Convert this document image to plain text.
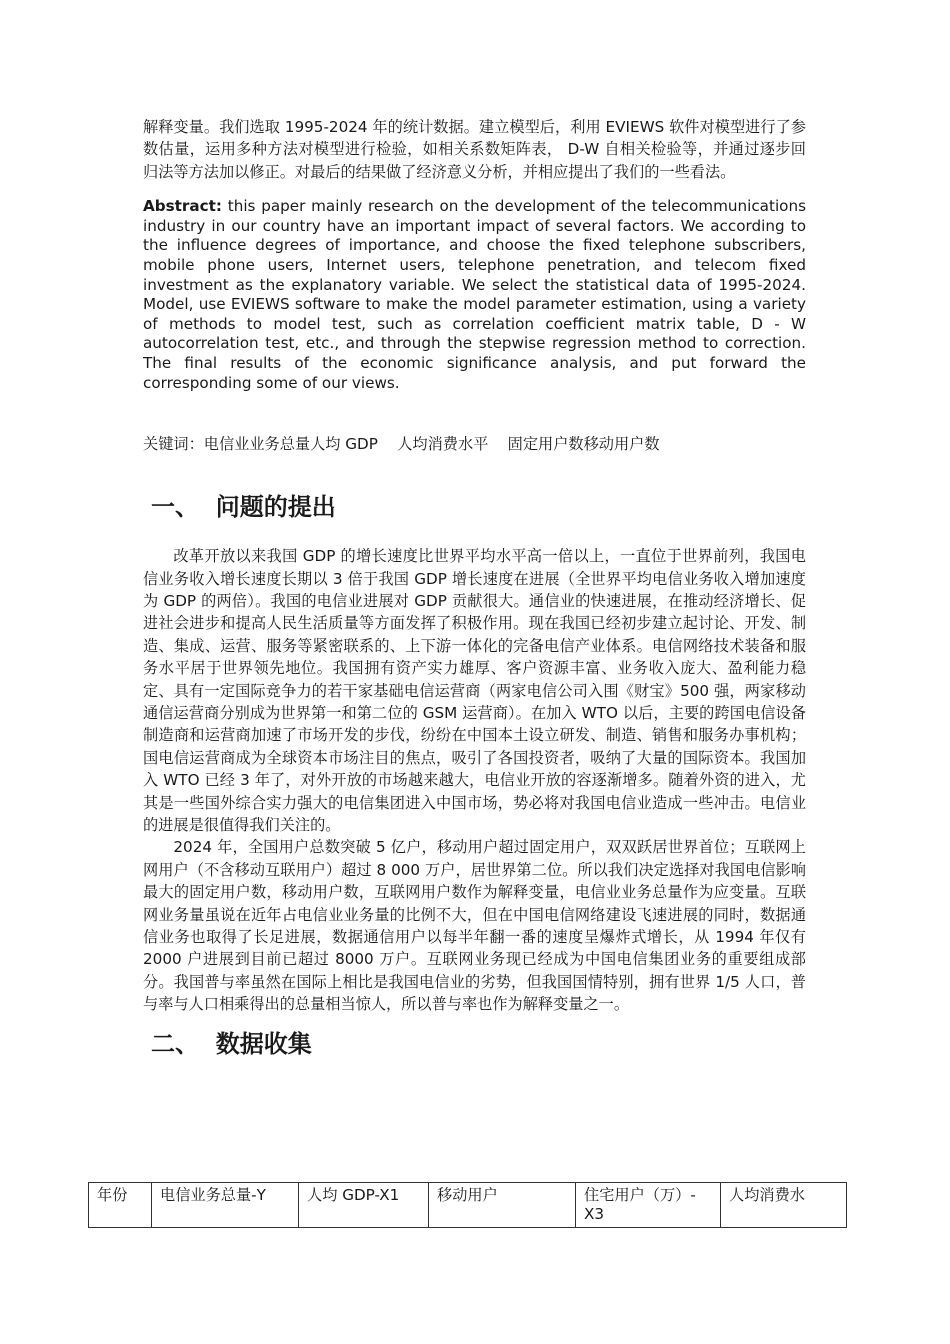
解释变量。我们选取 1995-2024 年的统计数据。建立模型后，利用 EVIEWS 软件对模型进行了参数估量，运用多种方法对模型进行检验，如相关系数矩阵表， D-W 自相关检验等，并通过逐步回归法等方法加以修正。对最后的结果做了经济意义分析，并相应提出了我们的一些看法。

Abstract: this paper mainly research on the development of the telecommunications industry in our country have an important impact of several factors. We according to the influence degrees of importance, and choose the fixed telephone subscribers, mobile phone users, Internet users, telephone penetration, and telecom fixed investment as the explanatory variable. We select the statistical data of 1995-2024. Model, use EVIEWS software to make the model parameter estimation, using a variety of methods to model test, such as correlation coefficient matrix table, D - W autocorrelation test, etc., and through the stepwise regression method to correction. The final results of the economic significance analysis, and put forward the corresponding some of our views.

关键词：电信业业务总量人均 GDP    人均消费水平    固定用户数移动用户数
一、  问题的提出

改革开放以来我国 GDP 的增长速度比世界平均水平高一倍以上，一直位于世界前列，我国电信业务收入增长速度长期以 3 倍于我国 GDP 增长速度在进展（全世界平均电信业务收入增加速度为 GDP 的两倍）。我国的电信业进展对 GDP 贡献很大。通信业的快速进展，在推动经济增长、促进社会进步和提高人民生活质量等方面发挥了积极作用。现在我国已经初步建立起讨论、开发、制造、集成、运营、服务等紧密联系的、上下游一体化的完备电信产业体系。电信网络技术装备和服务水平居于世界领先地位。我国拥有资产实力雄厚、客户资源丰富、业务收入庞大、盈利能力稳定、具有一定国际竞争力的若干家基础电信运营商（两家电信公司入围《财宝》500 强，两家移动通信运营商分别成为世界第一和第二位的 GSM 运营商）。在加入 WTO 以后，主要的跨国电信设备制造商和运营商加速了市场开发的步伐，纷纷在中国本土设立研发、制造、销售和服务办事机构；国电信运营商成为全球资本市场注目的焦点，吸引了各国投资者，吸纳了大量的国际资本。我国加入 WTO 已经 3 年了，对外开放的市场越来越大，电信业开放的容逐渐增多。随着外资的进入，尤其是一些国外综合实力强大的电信集团进入中国市场，势必将对我国电信业造成一些冲击。电信业的进展是很值得我们关注的。

2024 年，全国用户总数突破 5 亿户，移动用户超过固定用户，双双跃居世界首位；互联网上网用户（不含移动互联用户）超过 8 000 万户，居世界第二位。所以我们决定选择对我国电信影响最大的固定用户数，移动用户数，互联网用户数作为解释变量，电信业业务总量作为应变量。互联网业务量虽说在近年占电信业业务量的比例不大，但在中国电信网络建设飞速进展的同时，数据通信业务也取得了长足进展，数据通信用户以每半年翻一番的速度呈爆炸式增长，从 1994 年仅有 2000 户进展到目前已超过 8000 万户。互联网业务现已经成为中国电信集团业务的重要组成部分。我国普与率虽然在国际上相比是我国电信业的劣势，但我国国情特别，拥有世界 1/5 人口，普与率与人口相乘得出的总量相当惊人，所以普与率也作为解释变量之一。

二、  数据收集
年份	电信业务总量-Y	人均 GDP-X1	移动用户	住宅用户（万）-X3	人均消费水
